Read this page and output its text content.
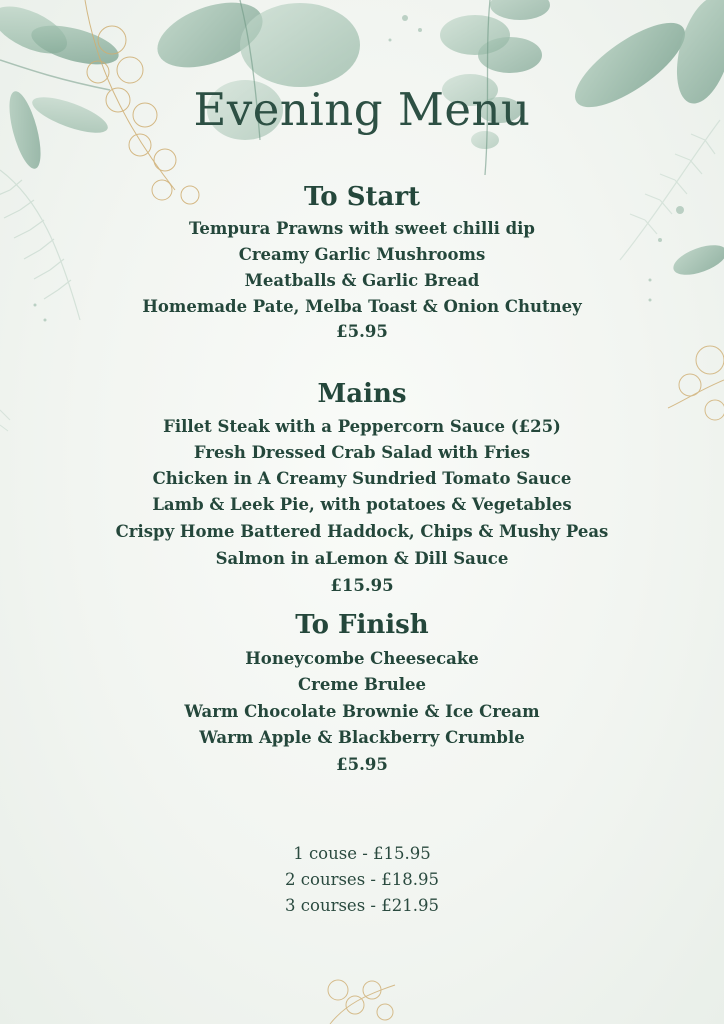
Evening Menu
To Start
Tempura Prawns with sweet chilli dip
Creamy Garlic Mushrooms
Meatballs & Garlic Bread
Homemade Pate, Melba Toast & Onion Chutney
£5.95
Mains
Fillet Steak with a Peppercorn Sauce (£25)
Fresh Dressed Crab Salad with Fries
Chicken in A Creamy Sundried Tomato Sauce
Lamb & Leek Pie, with potatoes & Vegetables
Crispy Home Battered Haddock, Chips & Mushy Peas
Salmon in aLemon & Dill Sauce
£15.95
To Finish
Honeycombe Cheesecake
Creme Brulee
Warm Chocolate Brownie & Ice Cream
Warm Apple & Blackberry Crumble
£5.95
1 couse - £15.95
2 courses - £18.95
3 courses - £21.95
